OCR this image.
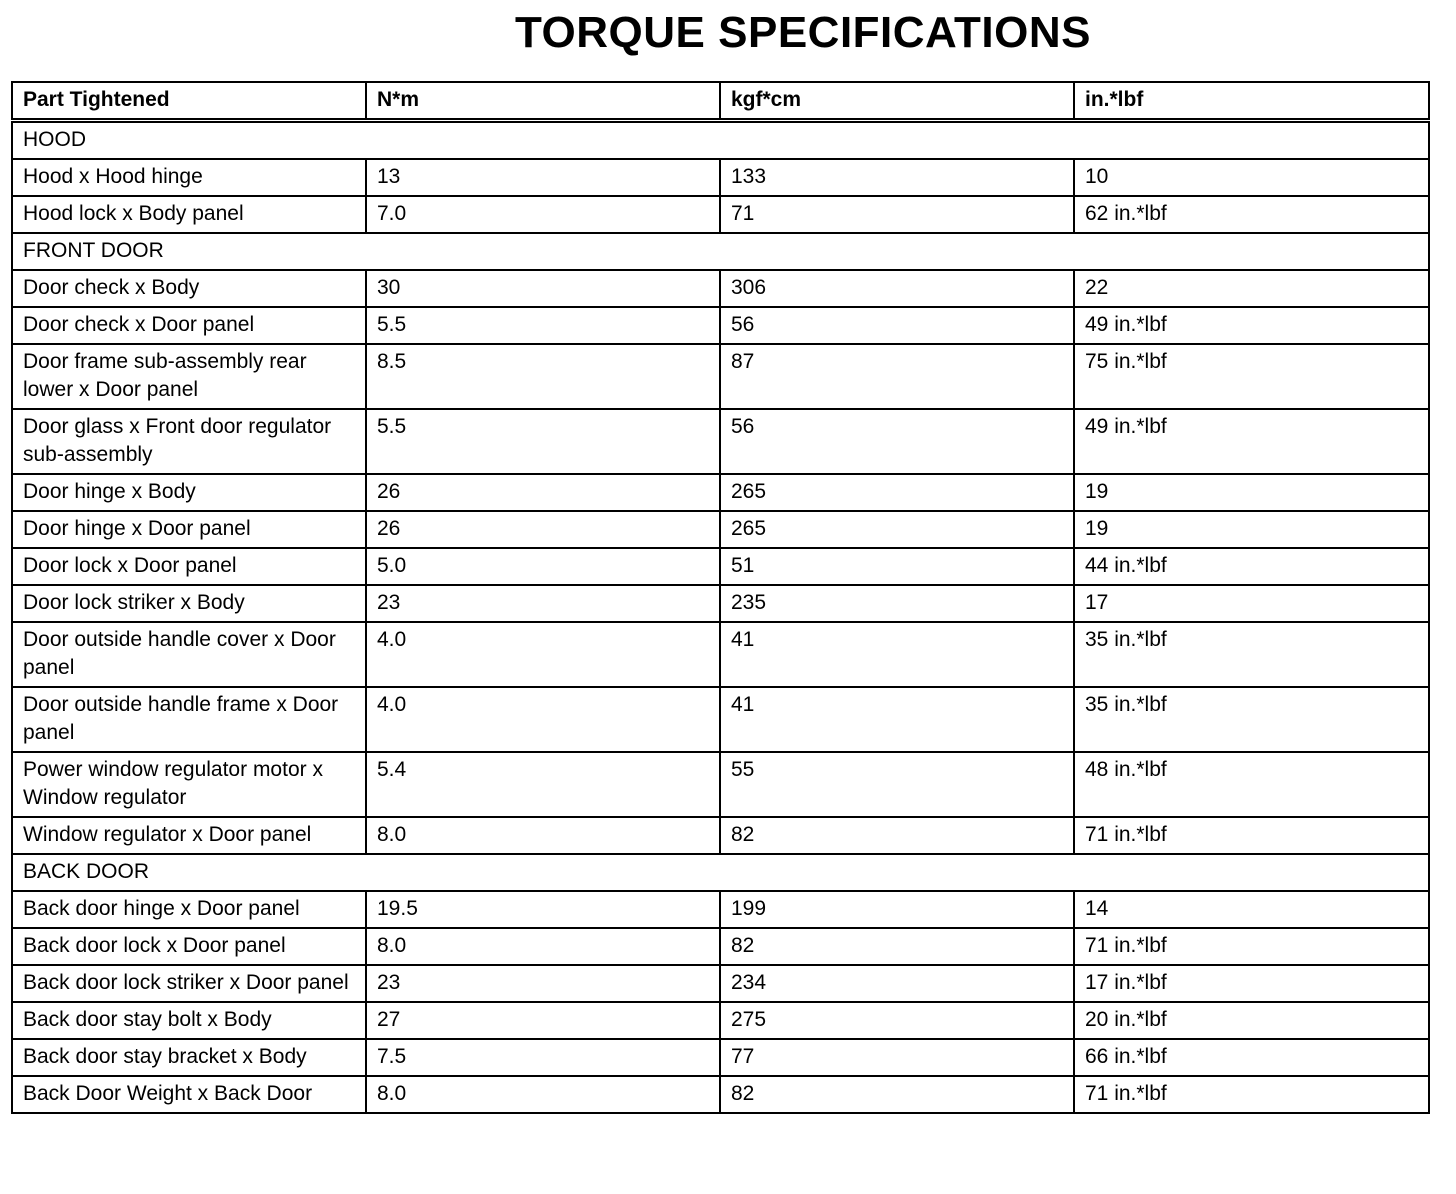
TORQUE SPECIFICATIONS
Part Tightened	N*m	kgf*cm	in.*lbf
HOOD			
Hood x Hood hinge	13	133	10
Hood lock x Body panel	7.0	71	62 in.*lbf
FRONT DOOR			
Door check x Body	30	306	22
Door check x Door panel	5.5	56	49 in.*lbf
Door frame sub-assembly rear lower x Door panel	8.5	87	75 in.*lbf
Door glass x Front door regulator sub-assembly	5.5	56	49 in.*lbf
Door hinge x Body	26	265	19
Door hinge x Door panel	26	265	19
Door lock x Door panel	5.0	51	44 in.*lbf
Door lock striker x Body	23	235	17
Door outside handle cover x Door panel	4.0	41	35 in.*lbf
Door outside handle frame x Door panel	4.0	41	35 in.*lbf
Power window regulator motor x Window regulator	5.4	55	48 in.*lbf
Window regulator x Door panel	8.0	82	71 in.*lbf
BACK DOOR			
Back door hinge x Door panel	19.5	199	14
Back door lock x Door panel	8.0	82	71 in.*lbf
Back door lock striker x Door panel	23	234	17 in.*lbf
Back door stay bolt x Body	27	275	20 in.*lbf
Back door stay bracket x Body	7.5	77	66 in.*lbf
Back Door Weight x Back Door	8.0	82	71 in.*lbf
